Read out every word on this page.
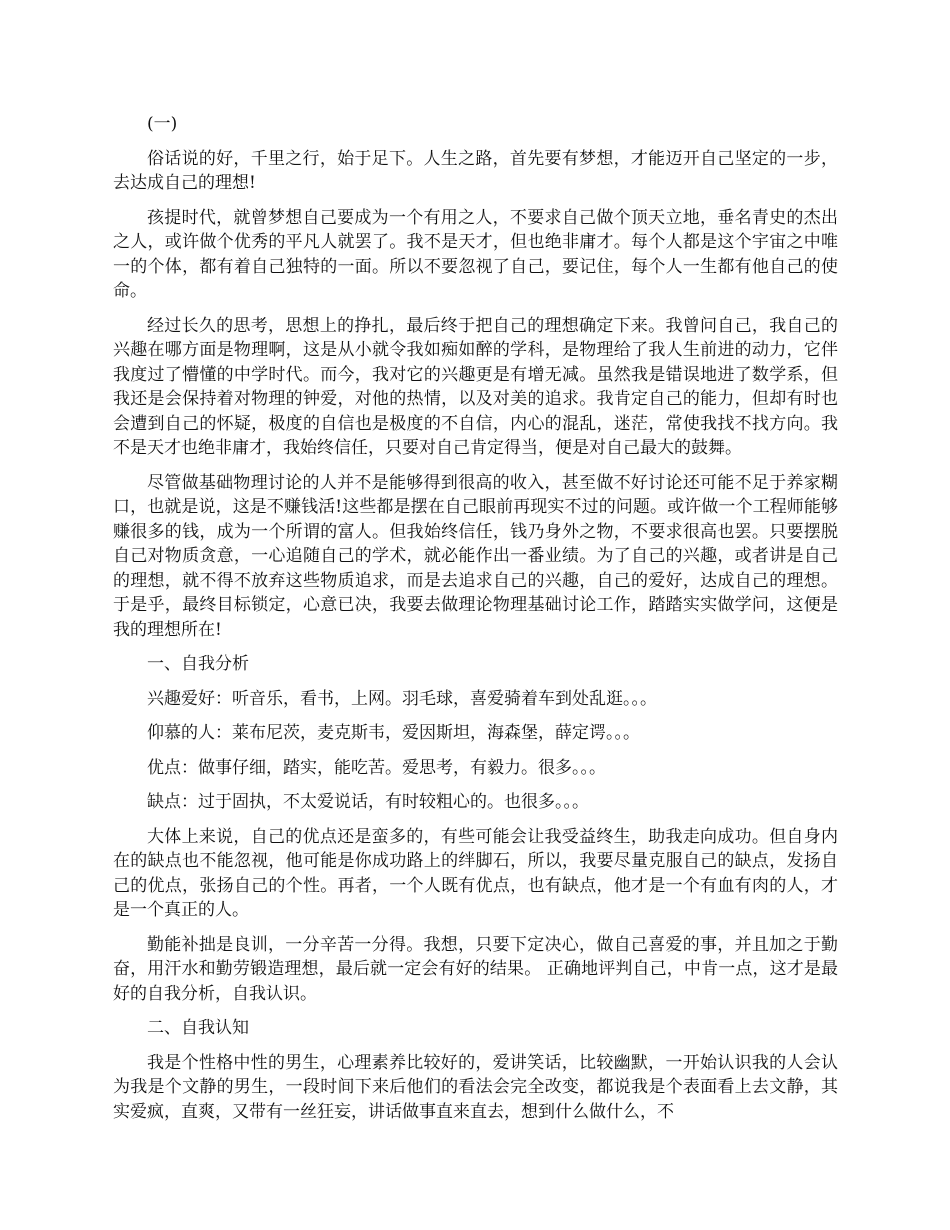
(一)

俗话说的好，千里之行，始于足下。人生之路，首先要有梦想，才能迈开自己坚定的一步，去达成自己的理想!

孩提时代，就曾梦想自己要成为一个有用之人，不要求自己做个顶天立地，垂名青史的杰出之人，或许做个优秀的平凡人就罢了。我不是天才，但也绝非庸才。每个人都是这个宇宙之中唯一的个体，都有着自己独特的一面。所以不要忽视了自己，要记住，每个人一生都有他自己的使命。

经过长久的思考，思想上的挣扎，最后终于把自己的理想确定下来。我曾问自己，我自己的兴趣在哪方面是物理啊，这是从小就令我如痴如醉的学科，是物理给了我人生前进的动力，它伴我度过了懵懂的中学时代。而今，我对它的兴趣更是有增无减。虽然我是错误地进了数学系，但我还是会保持着对物理的钟爱，对他的热情，以及对美的追求。我肯定自己的能力，但却有时也会遭到自己的怀疑，极度的自信也是极度的不自信，内心的混乱，迷茫，常使我找不找方向。我不是天才也绝非庸才，我始终信任，只要对自己肯定得当，便是对自己最大的鼓舞。

尽管做基础物理讨论的人并不是能够得到很高的收入，甚至做不好讨论还可能不足于养家糊口，也就是说，这是不赚钱活!这些都是摆在自己眼前再现实不过的问题。或许做一个工程师能够赚很多的钱，成为一个所谓的富人。但我始终信任，钱乃身外之物，不要求很高也罢。只要摆脱自己对物质贪意，一心追随自己的学术，就必能作出一番业绩。为了自己的兴趣，或者讲是自己的理想，就不得不放弃这些物质追求，而是去追求自己的兴趣，自己的爱好，达成自己的理想。于是乎，最终目标锁定，心意已决，我要去做理论物理基础讨论工作，踏踏实实做学问，这便是我的理想所在!

一、自我分析

兴趣爱好：听音乐，看书，上网。羽毛球，喜爱骑着车到处乱逛。。。

仰慕的人：莱布尼茨，麦克斯韦，爱因斯坦，海森堡，薛定谔。。。

优点：做事仔细，踏实，能吃苦。爱思考，有毅力。很多。。。

缺点：过于固执，不太爱说话，有时较粗心的。也很多。。。

大体上来说，自己的优点还是蛮多的，有些可能会让我受益终生，助我走向成功。但自身内在的缺点也不能忽视，他可能是你成功路上的绊脚石，所以，我要尽量克服自己的缺点，发扬自己的优点，张扬自己的个性。再者，一个人既有优点，也有缺点，他才是一个有血有肉的人，才是一个真正的人。

勤能补拙是良训，一分辛苦一分得。我想，只要下定决心，做自己喜爱的事，并且加之于勤奋，用汗水和勤劳锻造理想，最后就一定会有好的结果。 正确地评判自己，中肯一点，这才是最好的自我分析，自我认识。

二、自我认知

我是个性格中性的男生，心理素养比较好的，爱讲笑话，比较幽默，一开始认识我的人会认为我是个文静的男生，一段时间下来后他们的看法会完全改变，都说我是个表面看上去文静，其实爱疯，直爽，又带有一丝狂妄，讲话做事直来直去，想到什么做什么，不
